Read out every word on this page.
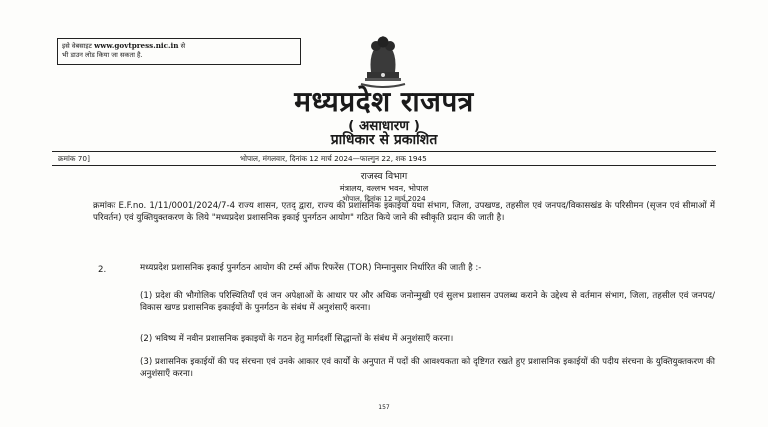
इसे वेबसाइट www.govtpress.nic.in से
भी डाउन लोड किया जा सकता है.
मध्यप्रदेश राजपत्र
( असाधारण )
प्राधिकार से प्रकाशित
क्रमांक 70]	भोपाल, मंगलवार, दिनांक 12 मार्च 2024—फाल्गुन 22, शक 1945
राजस्व विभाग
मंत्रालय, वल्लभ भवन, भोपाल
भोपाल, दिनांक 12 मार्च 2024
क्रमांकः E.F.no. 1/11/0001/2024/7-4 राज्य शासन, एतद् द्वारा, राज्य की प्रशासनिक इकाईयों यथा संभाग, जिला, उपखण्ड, तहसील एवं जनपद/विकासखंड के परिसीमन (सृजन एवं सीमाओं में परिवर्तन) एवं युक्तियुक्तकरण के लिये "मध्यप्रदेश प्रशासनिक इकाई पुनर्गठन आयोग" गठित किये जाने की स्वीकृति प्रदान की जाती है।
2.	मध्यप्रदेश प्रशासनिक इकाई पुनर्गठन आयोग की टर्म्स ऑफ रिफरेंस (TOR) निम्नानुसार निर्धारित की जाती है :-
(1) प्रदेश की भौगोलिक परिस्थितियाँ एवं जन अपेक्षाओं के आधार पर और अधिक जनोन्मुखी एवं सुलभ प्रशासन उपलब्ध कराने के उद्देश्य से वर्तमान संभाग, जिला, तहसील एवं जनपद/ विकास खण्ड प्रशासनिक इकाईयों के पुनर्गठन के संबंध में अनुशंसाएँ करना।
(2) भविष्य में नवीन प्रशासनिक इकाइयों के गठन हेतु मार्गदर्शी सिद्धान्तों के संबंध में अनुशंसाएँ करना।
(3) प्रशासनिक इकाईयों की पद संरचना एवं उनके आकार एवं कार्यों के अनुपात में पदों की आवश्यकता को दृष्टिगत रखते हुए प्रशासनिक इकाईयों की पदीय संरचना के युक्तियुक्तकरण की अनुशंसाएँ करना।
157
